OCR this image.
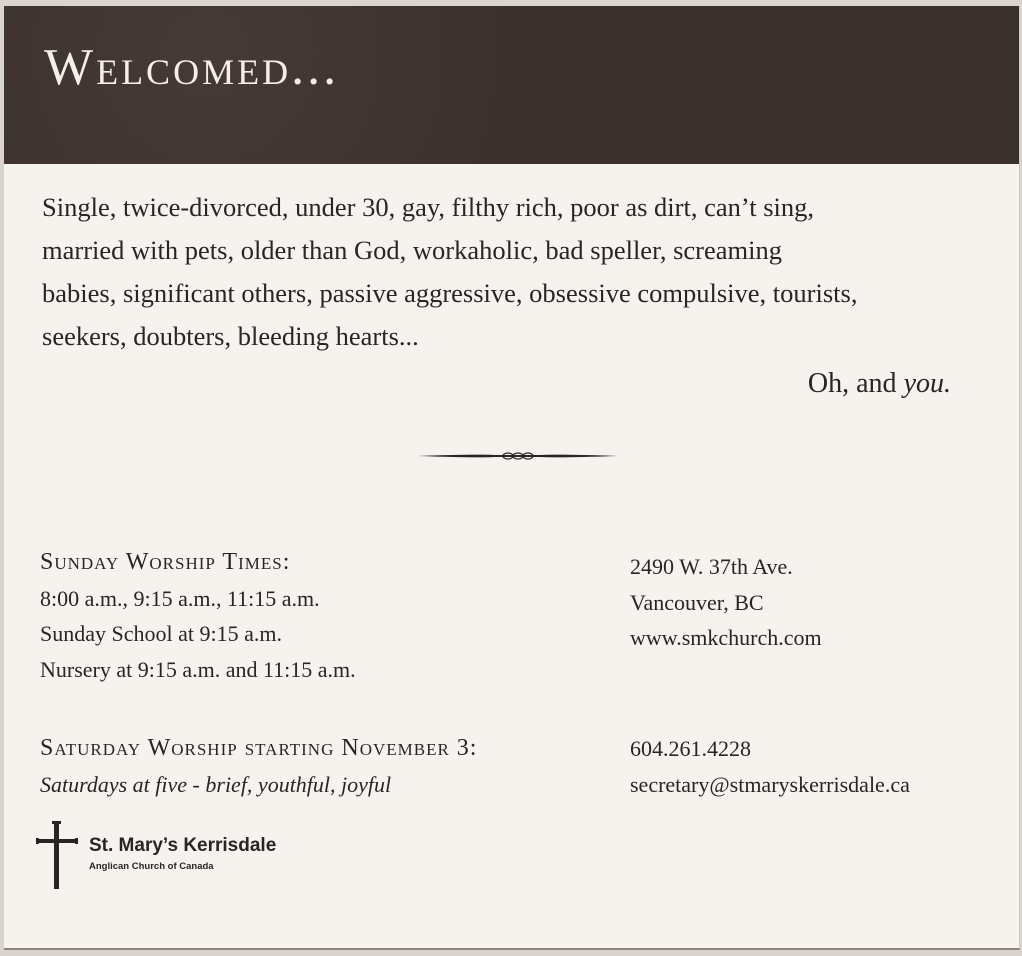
Welcomed...

Single, twice-divorced, under 30, gay, filthy rich, poor as dirt, can’t sing,
married with pets, older than God, workaholic, bad speller, screaming
babies, significant others, passive aggressive, obsessive compulsive, tourists,
seekers, doubters, bleeding hearts...

Oh, and you.

Sunday Worship Times:
8:00 a.m., 9:15 a.m., 11:15 a.m.
Sunday School at 9:15 a.m.
Nursery at 9:15 a.m. and 11:15 a.m.
2490 W. 37th Ave.
Vancouver, BC
www.smkchurch.com
Saturday Worship starting November 3:
Saturdays at five - brief, youthful, joyful
604.261.4228
secretary@stmaryskerrisdale.ca
St. Mary’s Kerrisdale
Anglican Church of Canada
